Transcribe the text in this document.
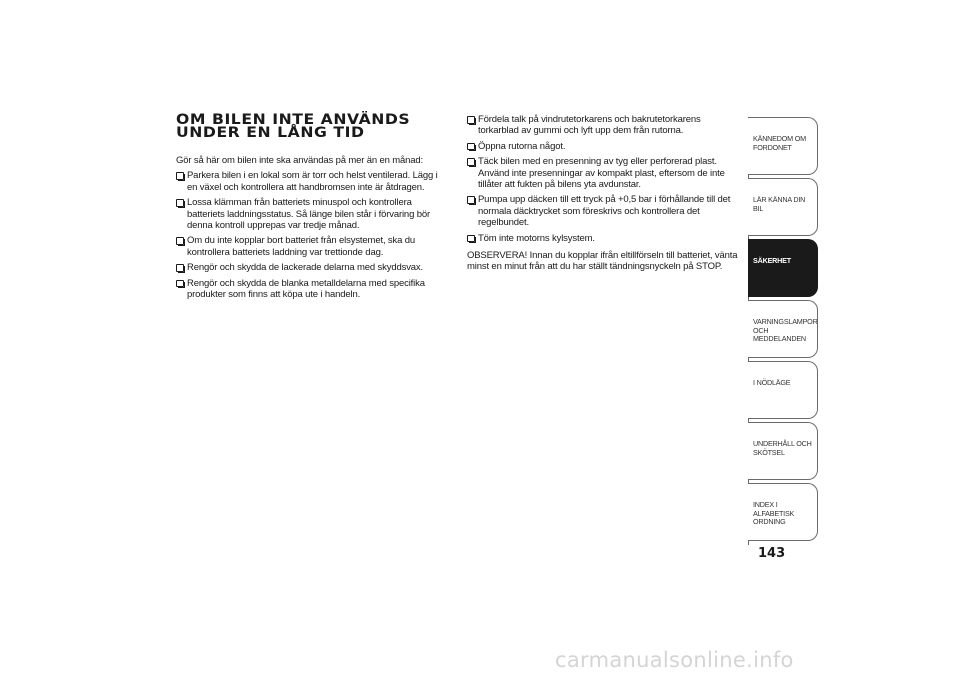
OM BILEN INTE ANVÄNDS
UNDER EN LÅNG TID

Gör så här om bilen inte ska användas på mer än en månad:

Parkera bilen i en lokal som är torr och helst ventilerad. Lägg i en växel och kontrollera att handbromsen inte är åtdragen.
Lossa klämman från batteriets minuspol och kontrollera batteriets laddningsstatus. Så länge bilen står i förvaring bör denna kontroll upprepas var tredje månad.
Om du inte kopplar bort batteriet från elsystemet, ska du kontrollera batteriets laddning var trettionde dag.
Rengör och skydda de lackerade delarna med skyddsvax.
Rengör och skydda de blanka metalldelarna med specifika produkter som finns att köpa ute i handeln.
Fördela talk på vindrutetorkarens och bakrutetorkarens torkarblad av gummi och lyft upp dem från rutorna.
Öppna rutorna något.
Täck bilen med en presenning av tyg eller perforerad plast. Använd inte presenningar av kompakt plast, eftersom de inte tillåter att fukten på bilens yta avdunstar.
Pumpa upp däcken till ett tryck på +0,5 bar i förhållande till det normala däcktrycket som föreskrivs och kontrollera det regelbundet.
Töm inte motorns kylsystem.

OBSERVERA! Innan du kopplar ifrån eltillförseln till batteriet, vänta minst en minut från att du har ställt tändningsnyckeln på STOP.

KÄNNEDOM OM FORDONET
LÄR KÄNNA DIN BIL
SÄKERHET
VARNINGSLAMPOR OCH MEDDELANDEN
I NÖDLÄGE
UNDERHÅLL OCH SKÖTSEL
INDEX I ALFABETISK ORDNING
143
carmanualsonline.info
